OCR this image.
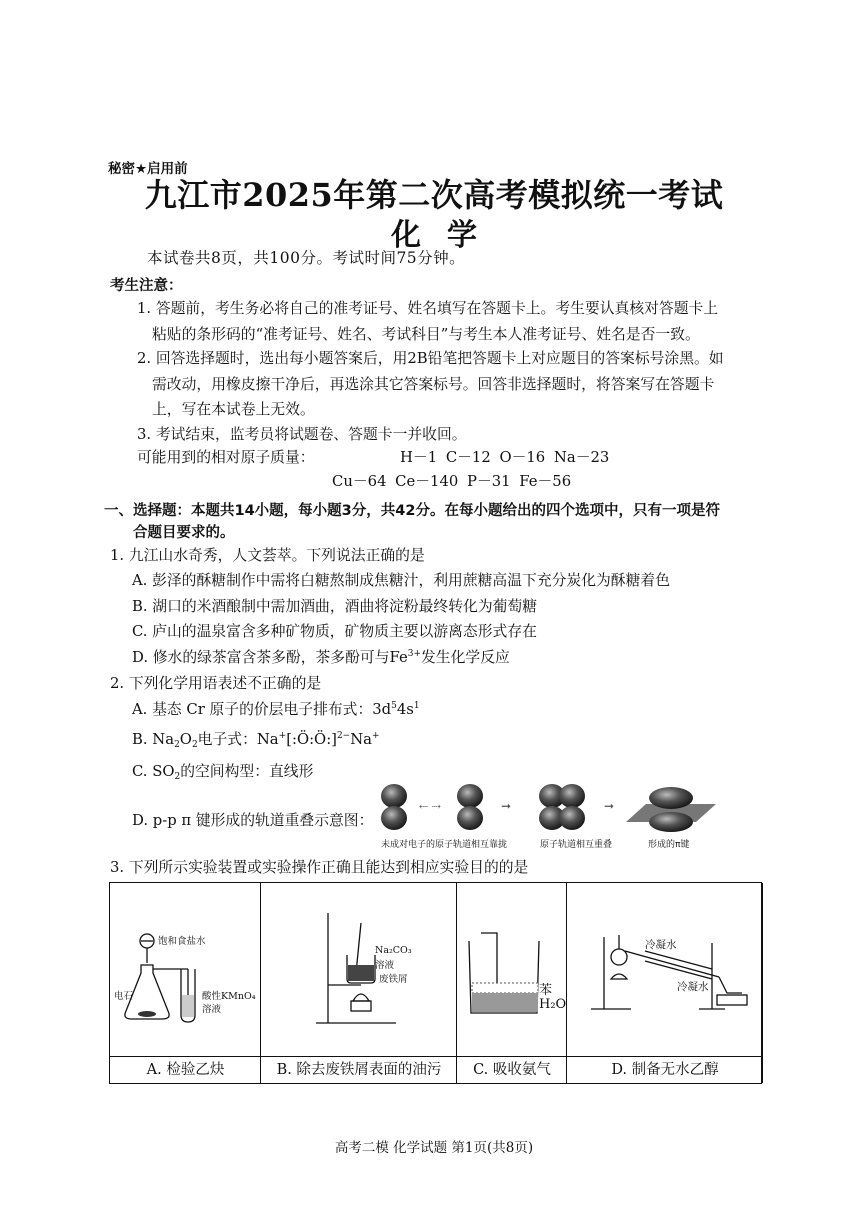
秘密★启用前
九江市2025年第二次高考模拟统一考试
化学
本试卷共8页，共100分。考试时间75分钟。
考生注意：
1. 答题前，考生务必将自己的准考证号、姓名填写在答题卡上。考生要认真核对答题卡上
粘贴的条形码的“准考证号、姓名、考试科目”与考生本人准考证号、姓名是否一致。
2. 回答选择题时，选出每小题答案后，用2B铅笔把答题卡上对应题目的答案标号涂黑。如
需改动，用橡皮擦干净后，再选涂其它答案标号。回答非选择题时，将答案写在答题卡
上，写在本试卷上无效。
3. 考试结束，监考员将试题卷、答题卡一并收回。
可能用到的相对原子质量：	H－1 C－12 O－16 Na－23
Cu－64 Ce－140 P－31 Fe－56
一、选择题：本题共14小题，每小题3分，共42分。在每小题给出的四个选项中，只有一项是符
合题目要求的。
1. 九江山水奇秀，人文荟萃。下列说法正确的是
A. 彭泽的酥糖制作中需将白糖熬制成焦糖汁，利用蔗糖高温下充分炭化为酥糖着色
B. 湖口的米酒酿制中需加酒曲，酒曲将淀粉最终转化为葡萄糖
C. 庐山的温泉富含多种矿物质，矿物质主要以游离态形式存在
D. 修水的绿茶富含茶多酚，茶多酚可与$Fe^{3+}$发生化学反应
2. 下列化学用语表述不正确的是
A. 基态 Cr 原子的价层电子排布式：$3d^54s^1$
B. $Na_2O_2$电子式：Na+[:Ö:Ö:]$^{2-}$Na+
C. $SO_2$的空间构型：直线形
D. p-p π 键形成的轨道重叠示意图：
⇠ ⇢	➞	➞
未成对电子的原子轨道相互靠拢	原子轨道相互重叠	形成的π键
3. 下列所示实验装置或实验操作正确且能达到相应实验目的的是
饱和食盐水
电石	酸性KMnO₄
溶液
Na₂CO₃
溶液
废铁屑
苯
H₂O
冷凝水
冷凝水
A. 检验乙炔	B. 除去废铁屑表面的油污	C. 吸收氨气	D. 制备无水乙醇
高考二模 化学试题 第1页(共8页)
